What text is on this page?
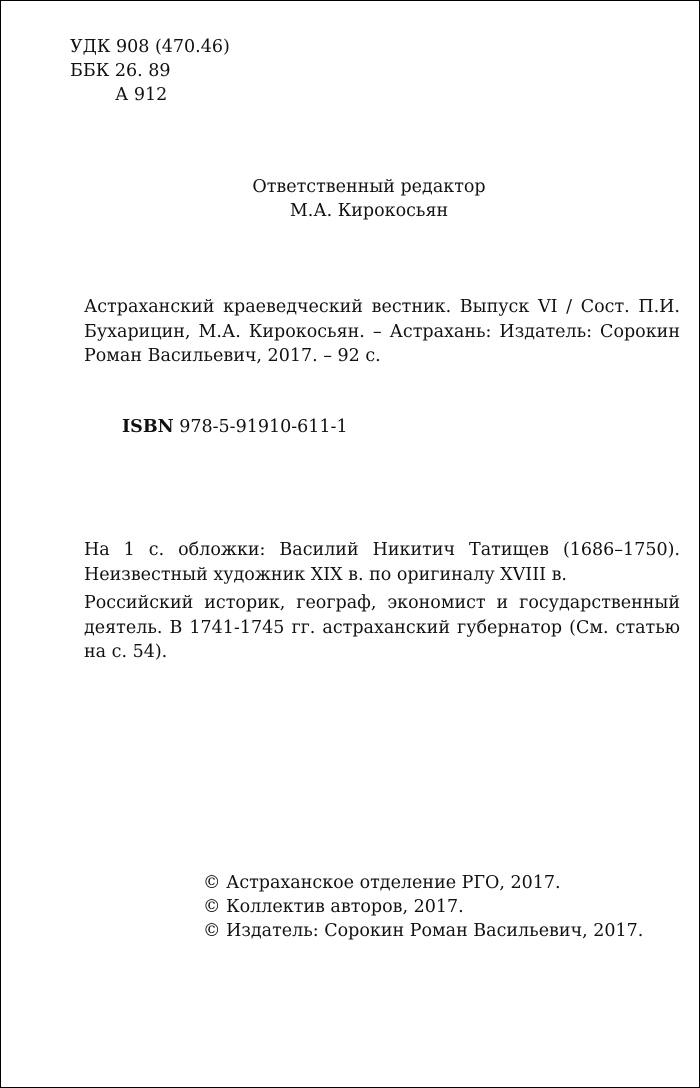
УДК 908 (470.46)
ББК 26. 89
А 912
Ответственный редактор
М.А. Кирокосьян
Астраханский краеведческий вестник. Выпуск VI / Сост. П.И. Бухарицин, М.А. Кирокосьян. – Астрахань: Издатель: Сорокин Роман Васильевич, 2017. – 92 с.
ISBN 978-5-91910-611-1
На 1 с. обложки: Василий Никитич Татищев (1686–1750). Неизвестный художник XIX в. по оригиналу XVIII в.
Российский историк, географ, экономист и государственный деятель. В 1741-1745 гг. астраханский губернатор (См. статью на с. 54).
© Астраханское отделение РГО, 2017.
© Коллектив авторов, 2017.
© Издатель: Сорокин Роман Васильевич, 2017.
